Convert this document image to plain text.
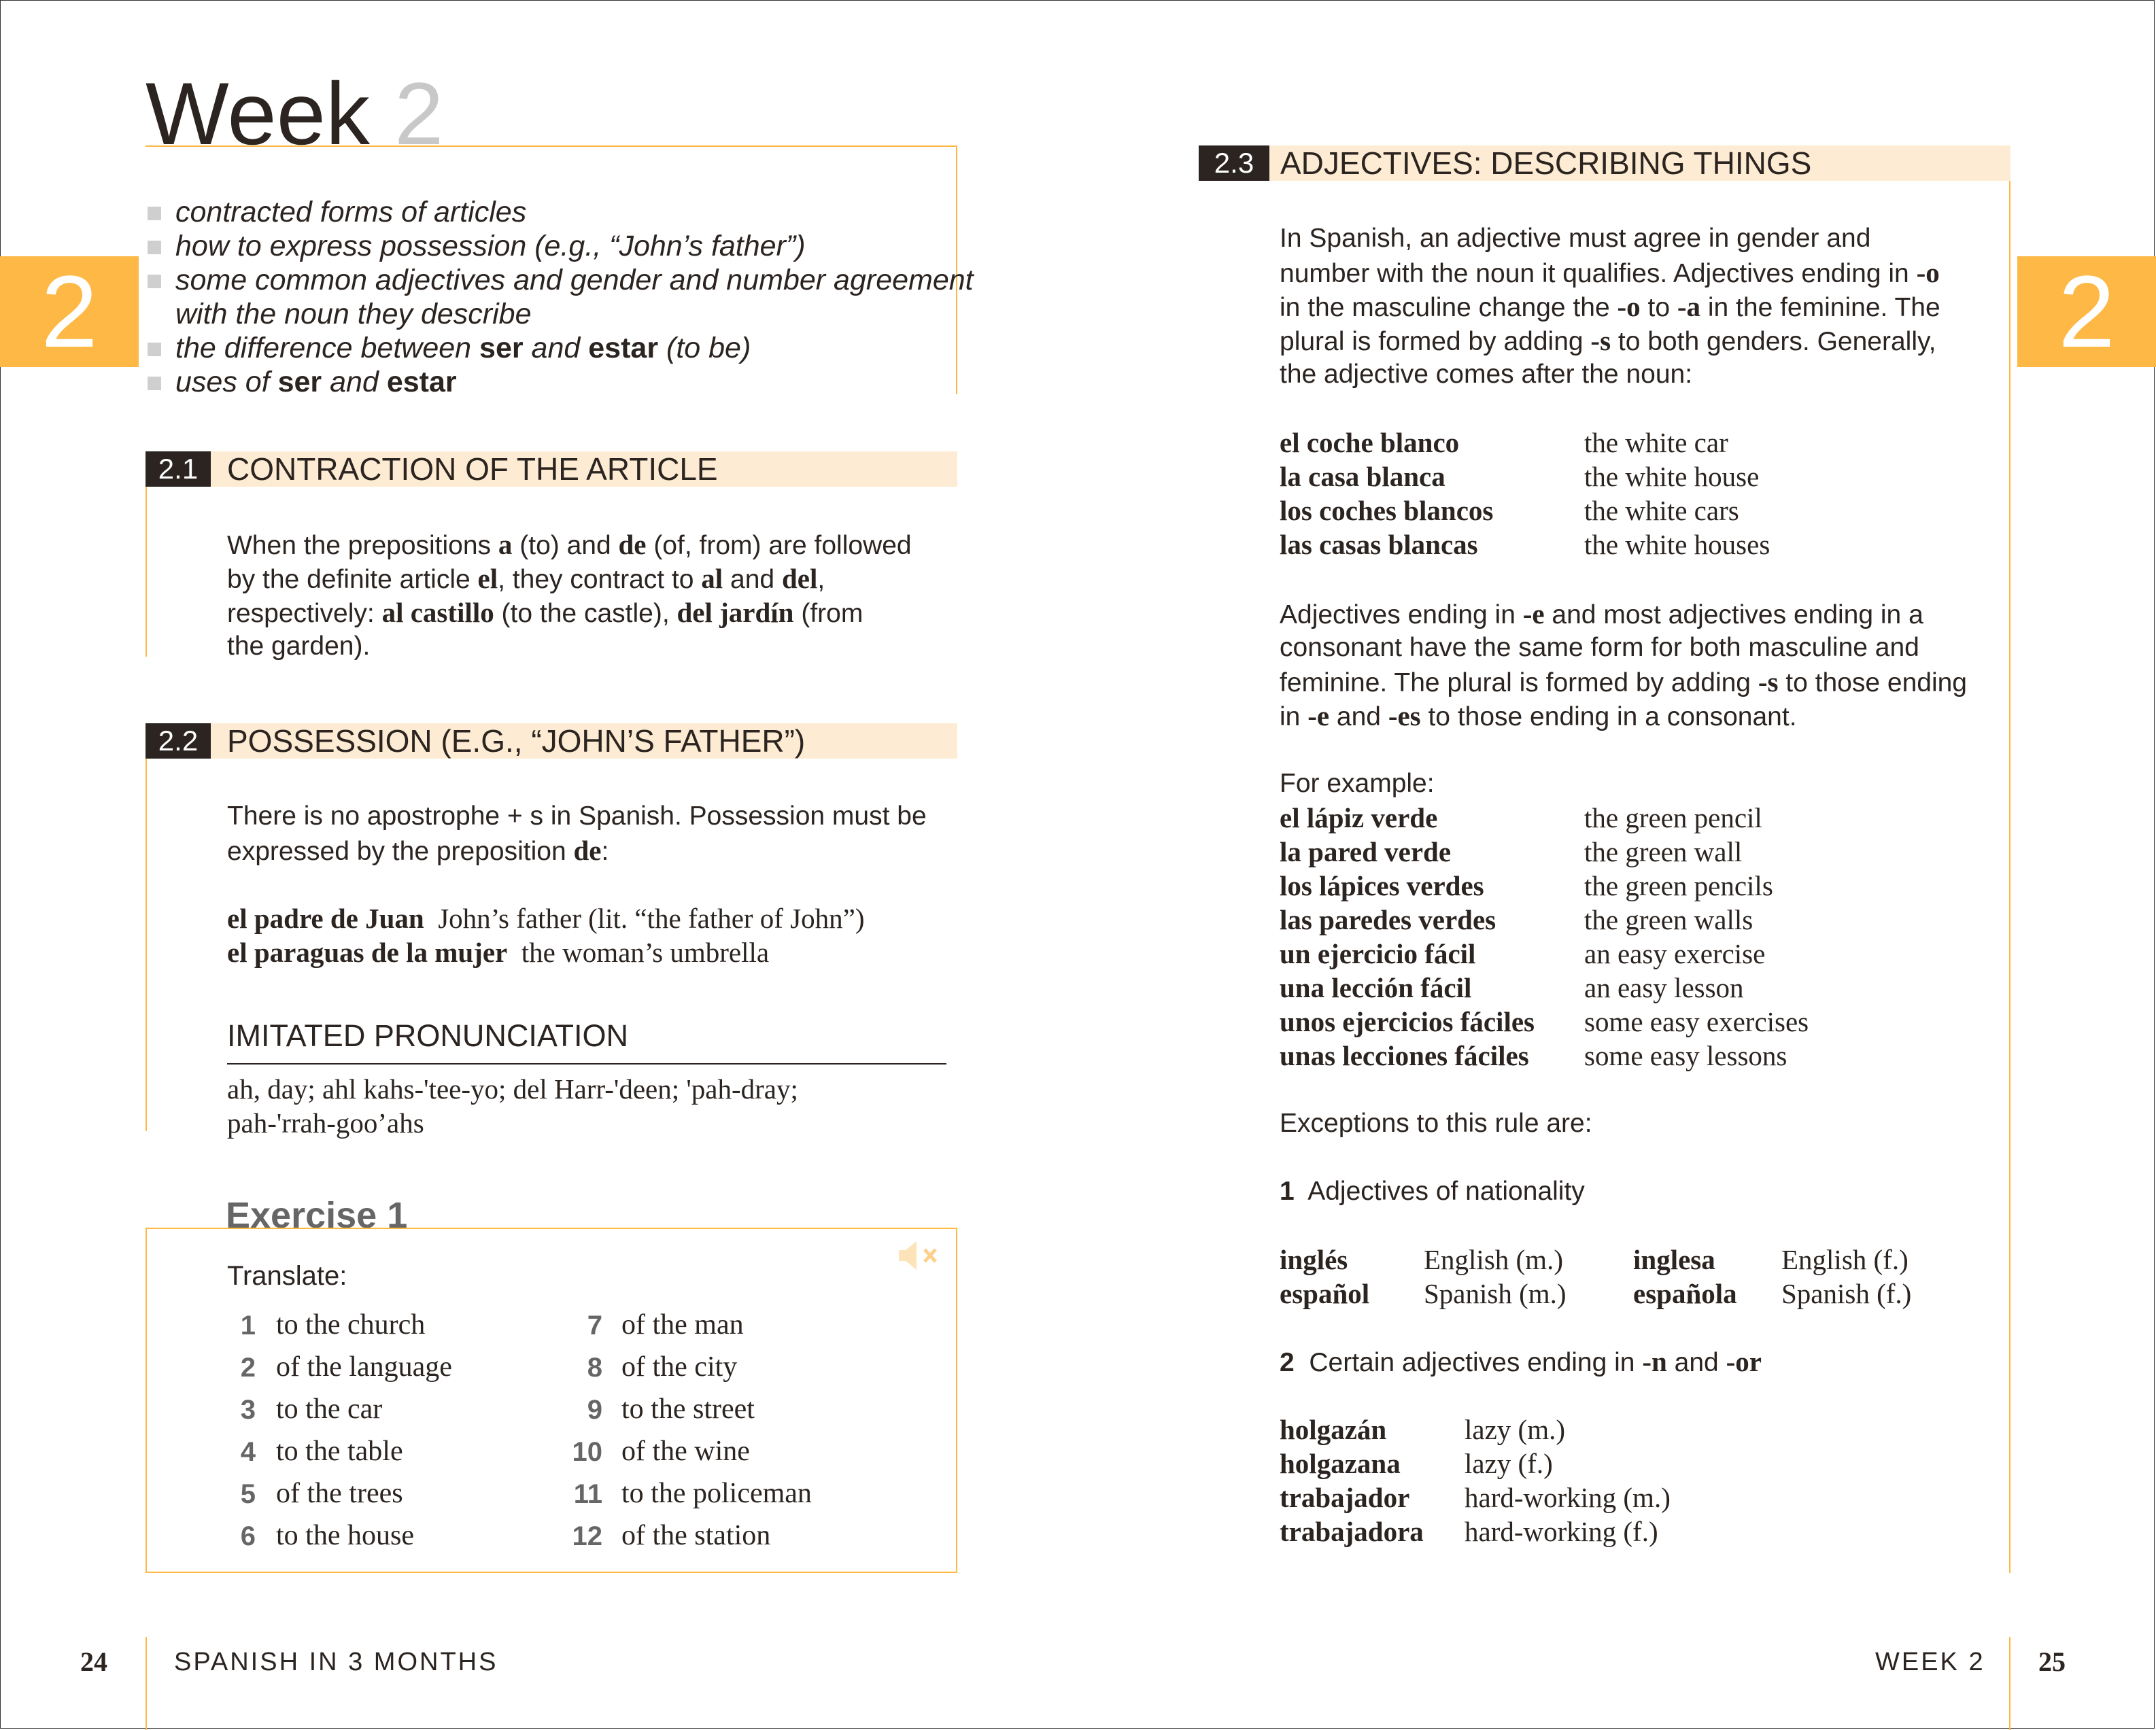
Week 2
2
contracted forms of articles
how to express possession (e.g., “John’s father”)
some common adjectives and gender and number agreement
with the noun they describe
the difference between ser and estar (to be)
uses of ser and estar
2.1 CONTRACTION OF THE ARTICLE
When the prepositions a (to) and de (of, from) are followed
by the definite article el, they contract to al and del,
respectively: al castillo (to the castle), del jardín (from
the garden).
2.2 POSSESSION (E.G., “JOHN’S FATHER”)
There is no apostrophe + s in Spanish. Possession must be
expressed by the preposition de:
el padre de Juan John’s father (lit. “the father of John”)
el paraguas de la mujer the woman’s umbrella
IMITATED PRONUNCIATION
ah, day; ahl kahs-'tee-yo; del Harr-'deen; 'pah-dray;
pah-'rrah-goo’ahs
Exercise 1
Translate:
1 to the church
2 of the language
3 to the car
4 to the table
5 of the trees
6 to the house
7 of the man
8 of the city
9 to the street
10 of the wine
11 to the policeman
12 of the station
2
2.3 ADJECTIVES: DESCRIBING THINGS
In Spanish, an adjective must agree in gender and
number with the noun it qualifies. Adjectives ending in -o
in the masculine change the -o to -a in the feminine. The
plural is formed by adding -s to both genders. Generally,
the adjective comes after the noun:
el coche blanco	the white car
la casa blanca	the white house
los coches blancos	the white cars
las casas blancas	the white houses
Adjectives ending in -e and most adjectives ending in a
consonant have the same form for both masculine and
feminine. The plural is formed by adding -s to those ending
in -e and -es to those ending in a consonant.
For example:
el lápiz verde	the green pencil
la pared verde	the green wall
los lápices verdes	the green pencils
las paredes verdes	the green walls
un ejercicio fácil	an easy exercise
una lección fácil	an easy lesson
unos ejercicios fáciles some easy exercises
unas lecciones fáciles some easy lessons
Exceptions to this rule are:
1 Adjectives of nationality
inglés	English (m.)	inglesa English (f.)
español Spanish (m.) española Spanish (f.)
2 Certain adjectives ending in -n and -or
holgazán	lazy (m.)
holgazana lazy (f.)
trabajador hard-working (m.)
trabajadora hard-working (f.)
24	SPANISH IN 3 MONTHS	WEEK 2 25
